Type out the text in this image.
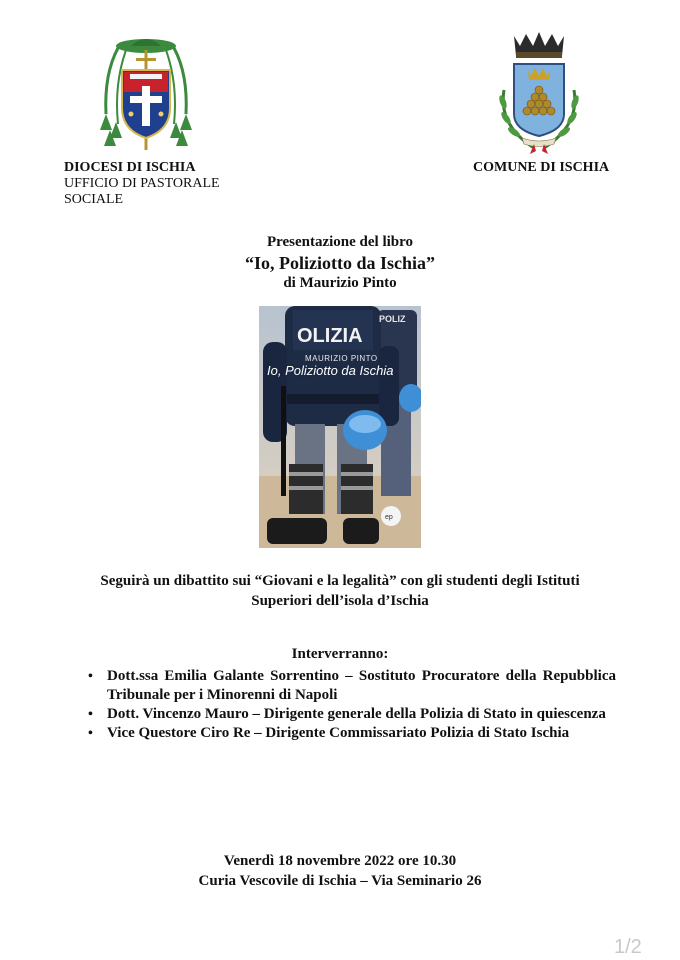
DIOCESI DI ISCHIA
UFFICIO DI PASTORALE
SOCIALE
COMUNE DI ISCHIA
Presentazione del libro
“Io, Poliziotto da Ischia”
di Maurizio Pinto
OLIZIA
POLIZ
ep
MAURIZIO PINTO
Io, Poliziotto da Ischia
Seguirà un dibattito sui “Giovani e la legalità” con gli studenti degli Istituti
Superiori dell’isola d’Ischia
Interverranno:
• Dott.ssa Emilia Galante Sorrentino – Sostituto Procuratore della Repubblica Tribunale per i Minorenni di Napoli
• Dott. Vincenzo Mauro – Dirigente generale della Polizia di Stato in quiescenza
• Vice Questore Ciro Re – Dirigente Commissariato Polizia di Stato Ischia
Venerdì 18 novembre 2022 ore 10.30
Curia Vescovile di Ischia – Via Seminario 26
1/2
